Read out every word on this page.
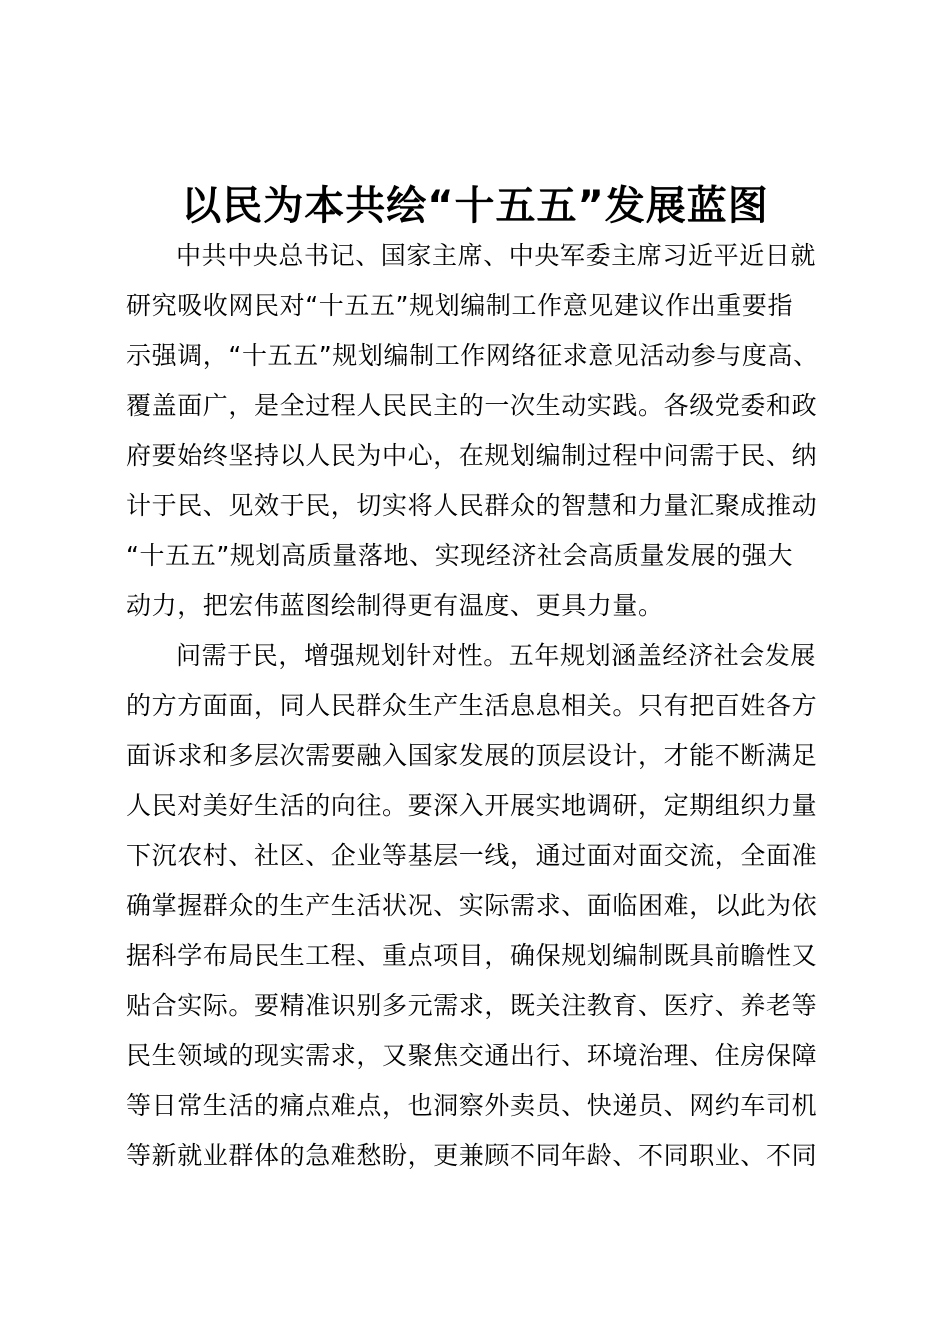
以民为本共绘“十五五”发展蓝图
中共中央总书记、国家主席、中央军委主席习近平近日就
研究吸收网民对“十五五”规划编制工作意见建议作出重要指
示强调，“十五五”规划编制工作网络征求意见活动参与度高、
覆盖面广，是全过程人民民主的一次生动实践。各级党委和政
府要始终坚持以人民为中心，在规划编制过程中问需于民、纳
计于民、见效于民，切实将人民群众的智慧和力量汇聚成推动
“十五五”规划高质量落地、实现经济社会高质量发展的强大
动力，把宏伟蓝图绘制得更有温度、更具力量。
问需于民，增强规划针对性。五年规划涵盖经济社会发展
的方方面面，同人民群众生产生活息息相关。只有把百姓各方
面诉求和多层次需要融入国家发展的顶层设计，才能不断满足
人民对美好生活的向往。要深入开展实地调研，定期组织力量
下沉农村、社区、企业等基层一线，通过面对面交流，全面准
确掌握群众的生产生活状况、实际需求、面临困难，以此为依
据科学布局民生工程、重点项目，确保规划编制既具前瞻性又
贴合实际。要精准识别多元需求，既关注教育、医疗、养老等
民生领域的现实需求，又聚焦交通出行、环境治理、住房保障
等日常生活的痛点难点，也洞察外卖员、快递员、网约车司机
等新就业群体的急难愁盼，更兼顾不同年龄、不同职业、不同
